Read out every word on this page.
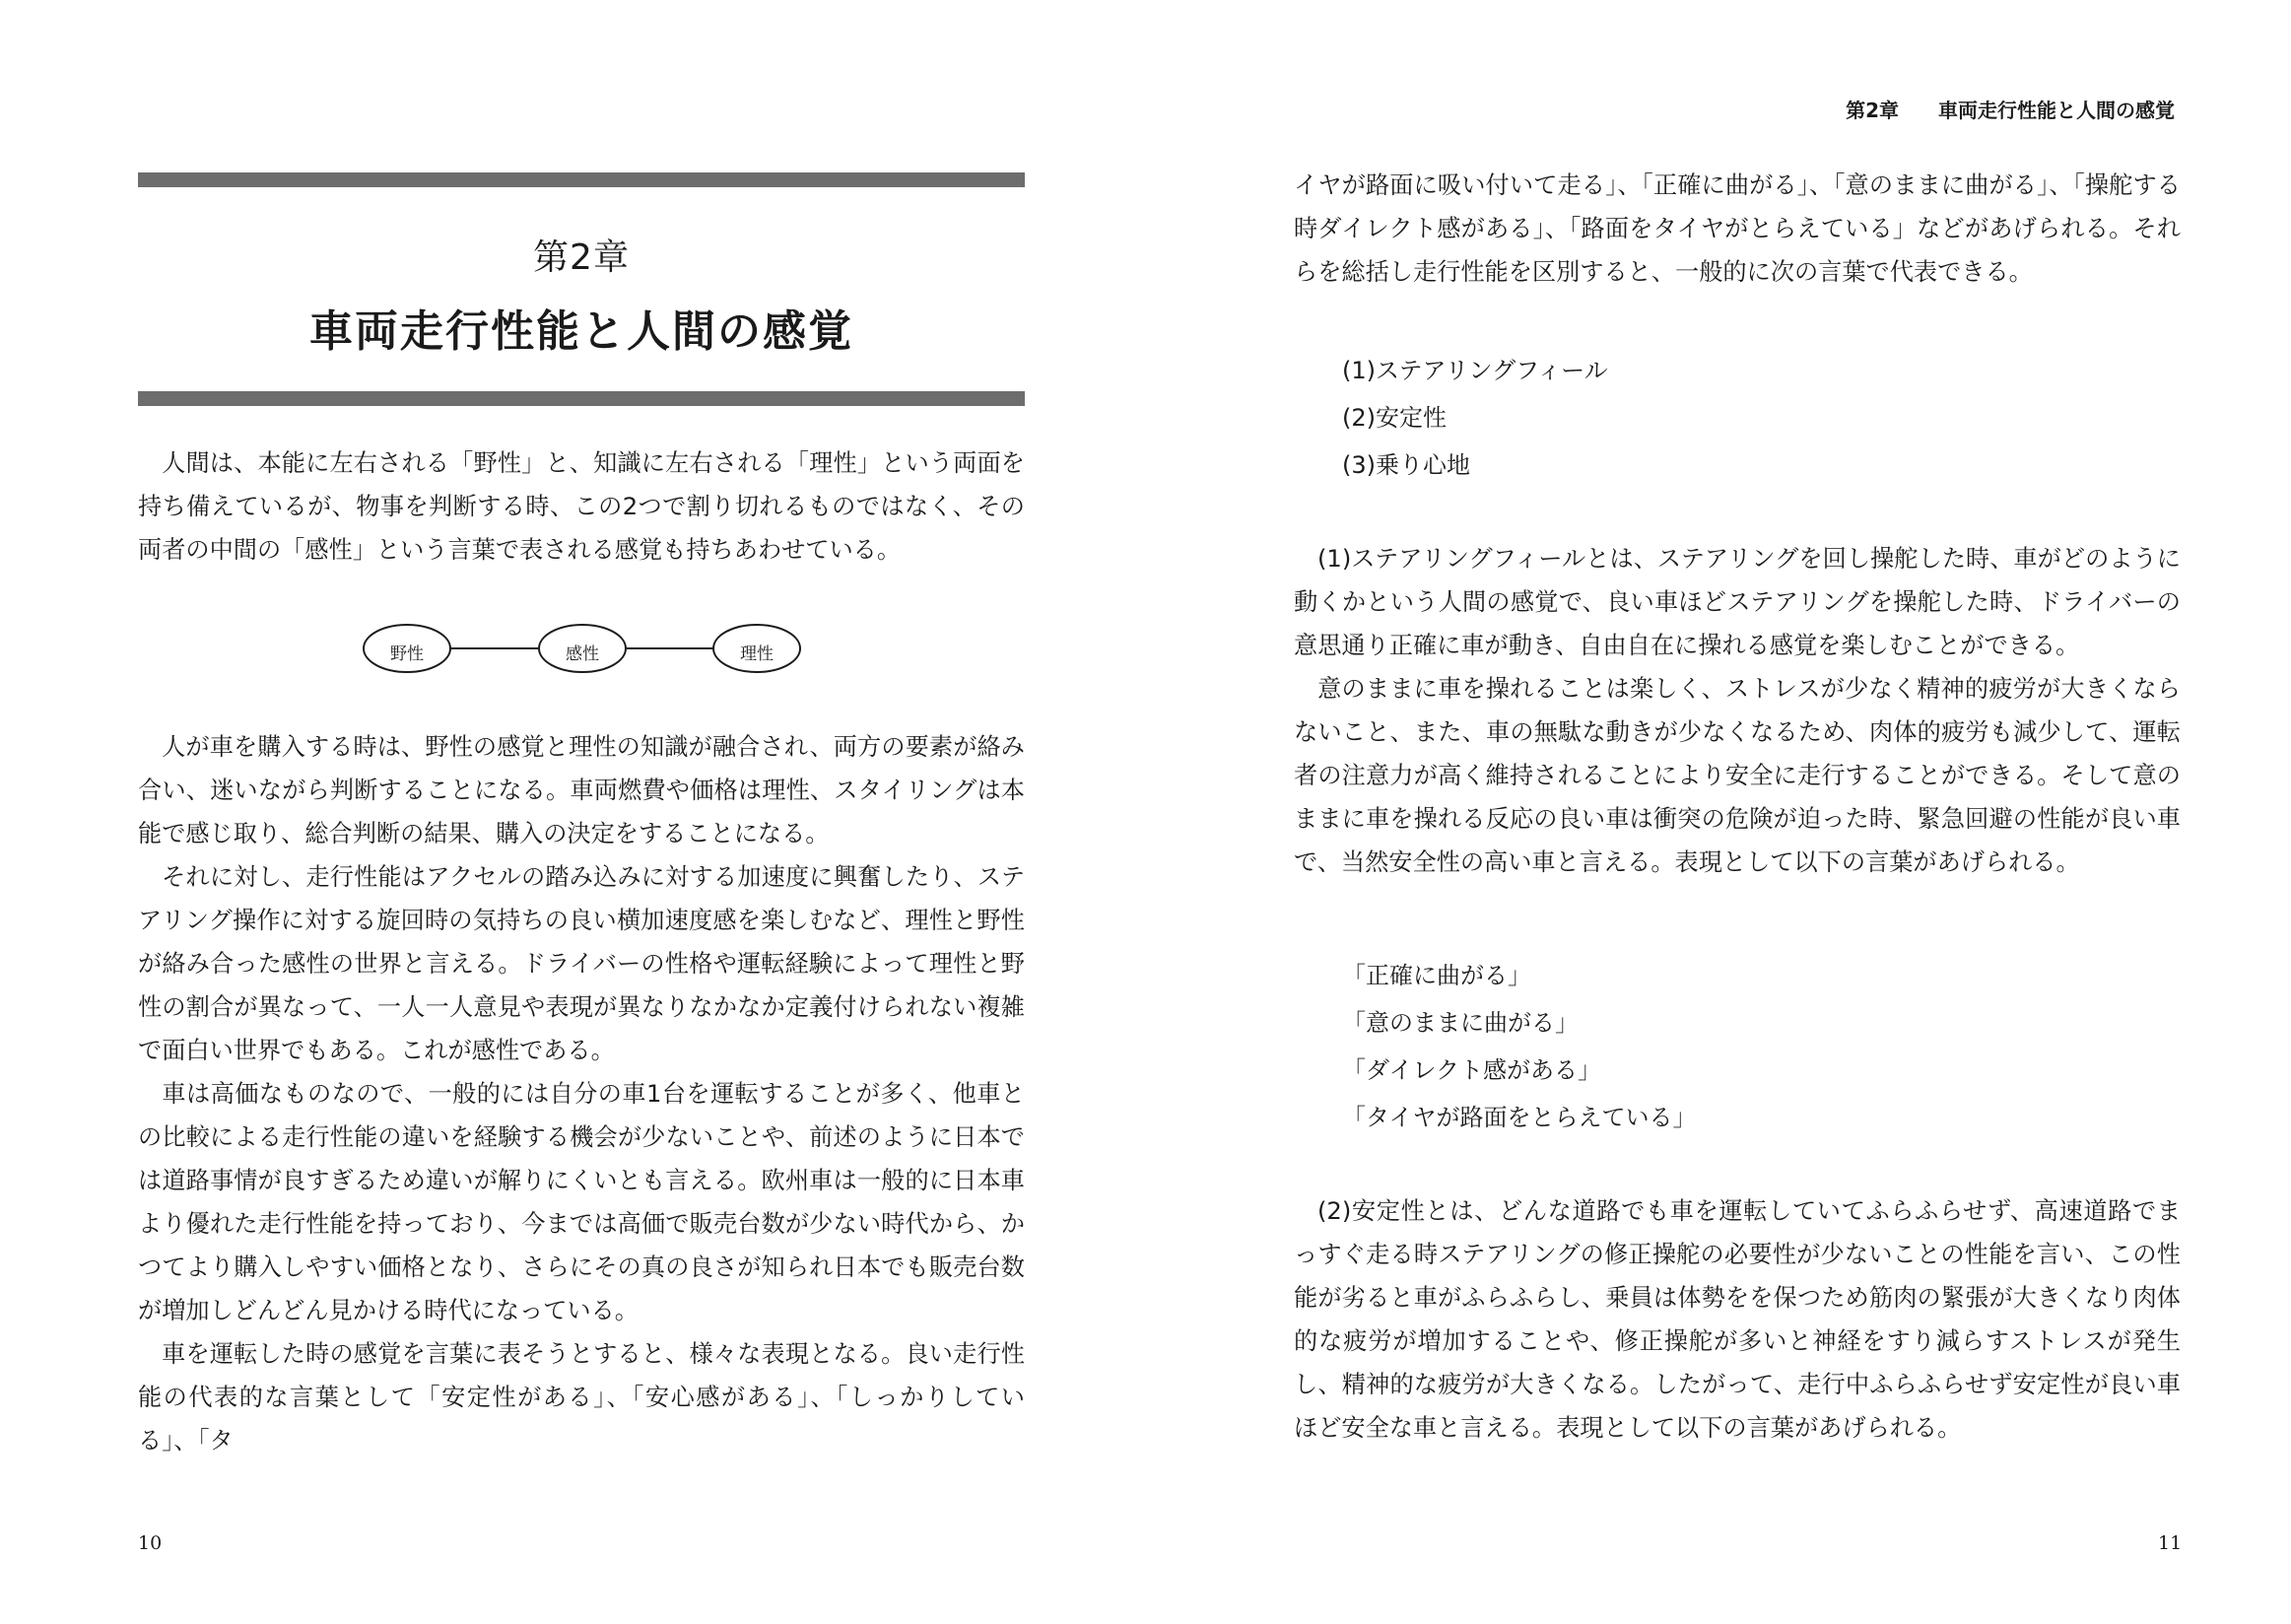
第2章
車両走行性能と人間の感覚
人間は、本能に左右される「野性」と、知識に左右される「理性」という両面を持ち備えているが、物事を判断する時、この2つで割り切れるものではなく、その両者の中間の「感性」という言葉で表される感覚も持ちあわせている。
野性	感性	理性
人が車を購入する時は、野性の感覚と理性の知識が融合され、両方の要素が絡み合い、迷いながら判断することになる。車両燃費や価格は理性、スタイリングは本能で感じ取り、総合判断の結果、購入の決定をすることになる。
それに対し、走行性能はアクセルの踏み込みに対する加速度に興奮したり、ステアリング操作に対する旋回時の気持ちの良い横加速度感を楽しむなど、理性と野性が絡み合った感性の世界と言える。ドライバーの性格や運転経験によって理性と野性の割合が異なって、一人一人意見や表現が異なりなかなか定義付けられない複雑で面白い世界でもある。これが感性である。
車は高価なものなので、一般的には自分の車1台を運転することが多く、他車との比較による走行性能の違いを経験する機会が少ないことや、前述のように日本では道路事情が良すぎるため違いが解りにくいとも言える。欧州車は一般的に日本車より優れた走行性能を持っており、今までは高価で販売台数が少ない時代から、かつてより購入しやすい価格となり、さらにその真の良さが知られ日本でも販売台数が増加しどんどん見かける時代になっている。
車を運転した時の感覚を言葉に表そうとすると、様々な表現となる。良い走行性能の代表的な言葉として「安定性がある」、「安心感がある」、「しっかりしている」、「タ
10
第2章 車両走行性能と人間の感覚
イヤが路面に吸い付いて走る」、「正確に曲がる」、「意のままに曲がる」、「操舵する時ダイレクト感がある」、「路面をタイヤがとらえている」などがあげられる。それらを総括し走行性能を区別すると、一般的に次の言葉で代表できる。
(1)ステアリングフィール
(2)安定性
(3)乗り心地
(1)ステアリングフィールとは、ステアリングを回し操舵した時、車がどのように動くかという人間の感覚で、良い車ほどステアリングを操舵した時、ドライバーの意思通り正確に車が動き、自由自在に操れる感覚を楽しむことができる。
意のままに車を操れることは楽しく、ストレスが少なく精神的疲労が大きくならないこと、また、車の無駄な動きが少なくなるため、肉体的疲労も減少して、運転者の注意力が高く維持されることにより安全に走行することができる。そして意のままに車を操れる反応の良い車は衝突の危険が迫った時、緊急回避の性能が良い車で、当然安全性の高い車と言える。表現として以下の言葉があげられる。
「正確に曲がる」
「意のままに曲がる」
「ダイレクト感がある」
「タイヤが路面をとらえている」
(2)安定性とは、どんな道路でも車を運転していてふらふらせず、高速道路でまっすぐ走る時ステアリングの修正操舵の必要性が少ないことの性能を言い、この性能が劣ると車がふらふらし、乗員は体勢をを保つため筋肉の緊張が大きくなり肉体的な疲労が増加することや、修正操舵が多いと神経をすり減らすストレスが発生し、精神的な疲労が大きくなる。したがって、走行中ふらふらせず安定性が良い車ほど安全な車と言える。表現として以下の言葉があげられる。
11
